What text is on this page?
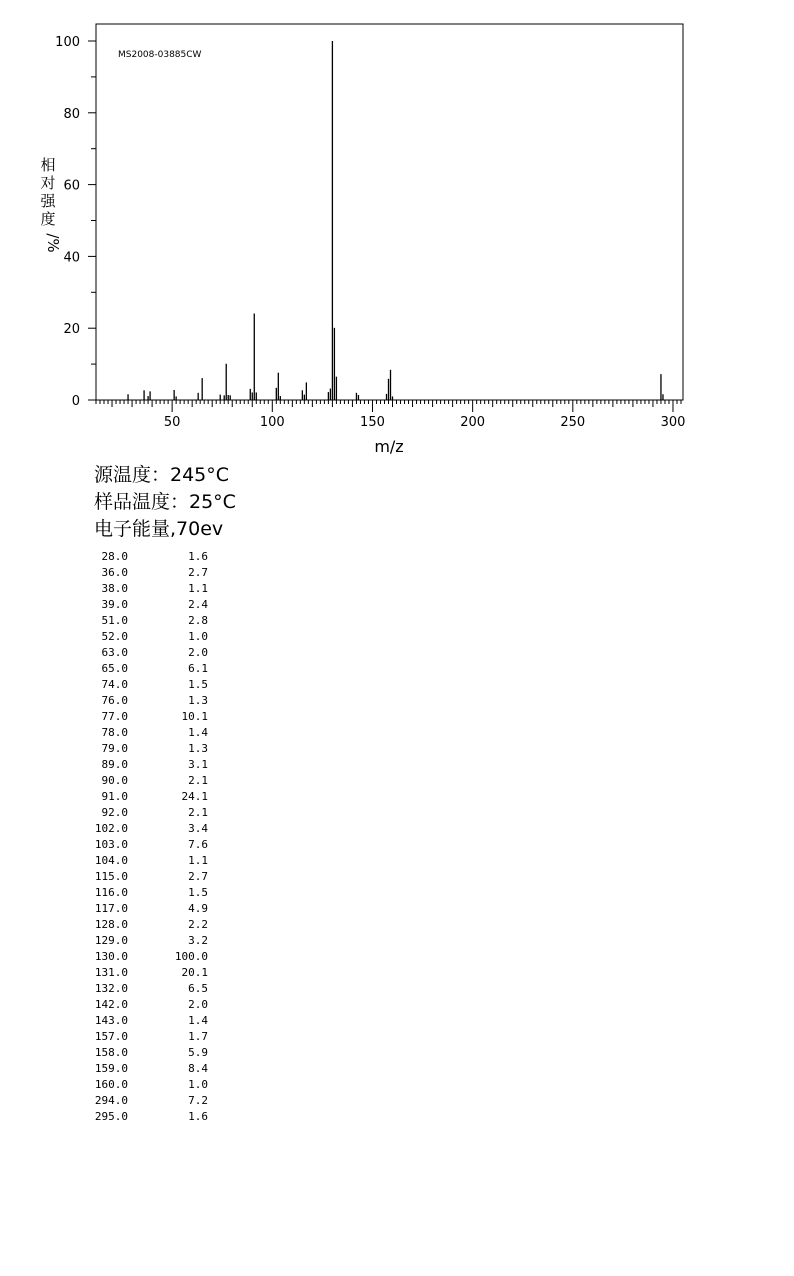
MS2008-03885CW
m/z
相
对
强
度
/%
0
20
40
60
80
100
50	100	150	200	250	300
源温度：245°C
样品温度：25°C
电子能量,70ev
28.0	1.6
36.0	2.7
38.0	1.1
39.0	2.4
51.0	2.8
52.0	1.0
63.0	2.0
65.0	6.1
74.0	1.5
76.0	1.3
77.0	10.1
78.0	1.4
79.0	1.3
89.0	3.1
90.0	2.1
91.0	24.1
92.0	2.1
102.0	3.4
103.0	7.6
104.0	1.1
115.0	2.7
116.0	1.5
117.0	4.9
128.0	2.2
129.0	3.2
130.0	100.0
131.0	20.1
132.0	6.5
142.0	2.0
143.0	1.4
157.0	1.7
158.0	5.9
159.0	8.4
160.0	1.0
294.0	7.2
295.0	1.6
